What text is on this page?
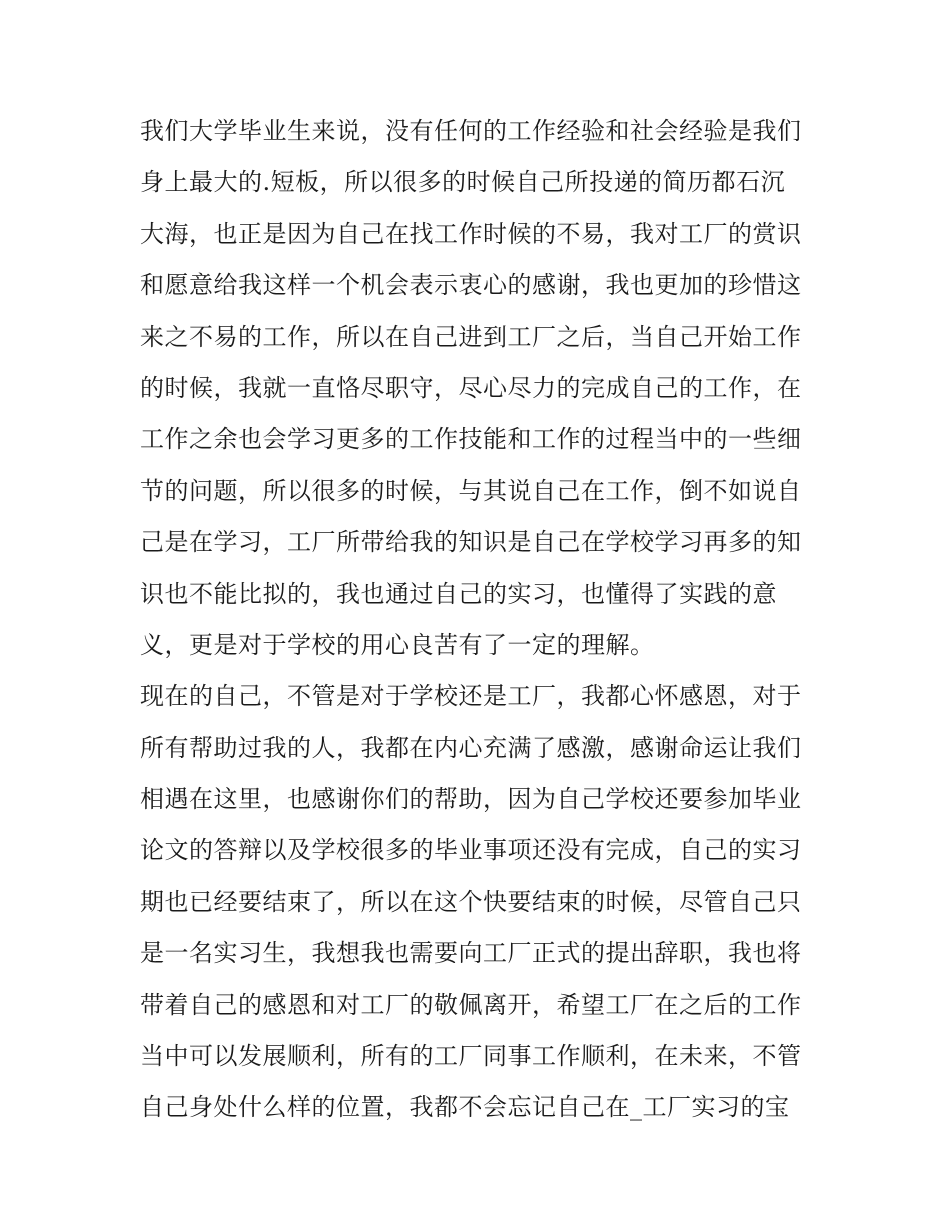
我们大学毕业生来说，没有任何的工作经验和社会经验是我们
身上最大的.短板，所以很多的时候自己所投递的简历都石沉
大海，也正是因为自己在找工作时候的不易，我对工厂的赏识
和愿意给我这样一个机会表示衷心的感谢，我也更加的珍惜这
来之不易的工作，所以在自己进到工厂之后，当自己开始工作
的时候，我就一直恪尽职守，尽心尽力的完成自己的工作，在
工作之余也会学习更多的工作技能和工作的过程当中的一些细
节的问题，所以很多的时候，与其说自己在工作，倒不如说自
己是在学习，工厂所带给我的知识是自己在学校学习再多的知
识也不能比拟的，我也通过自己的实习，也懂得了实践的意
义，更是对于学校的用心良苦有了一定的理解。
现在的自己，不管是对于学校还是工厂，我都心怀感恩，对于
所有帮助过我的人，我都在内心充满了感激，感谢命运让我们
相遇在这里，也感谢你们的帮助，因为自己学校还要参加毕业
论文的答辩以及学校很多的毕业事项还没有完成，自己的实习
期也已经要结束了，所以在这个快要结束的时候，尽管自己只
是一名实习生，我想我也需要向工厂正式的提出辞职，我也将
带着自己的感恩和对工厂的敬佩离开，希望工厂在之后的工作
当中可以发展顺利，所有的工厂同事工作顺利，在未来，不管
自己身处什么样的位置，我都不会忘记自己在_工厂实习的宝
